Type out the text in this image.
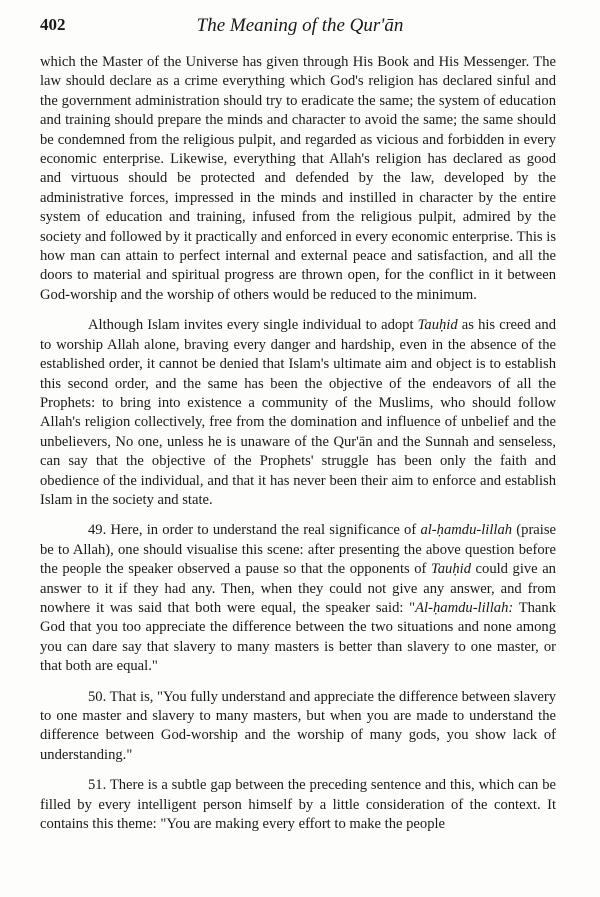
402	The Meaning of the Qur'ān

which the Master of the Universe has given through His Book and His Messenger. The law should declare as a crime everything which God's religion has declared sinful and the government administration should try to eradicate the same; the system of education and training should prepare the minds and character to avoid the same; the same should be condemned from the religious pulpit, and regarded as vicious and forbidden in every economic enterprise. Likewise, everything that Allah's religion has declared as good and virtuous should be protected and defended by the law, developed by the administrative forces, impressed in the minds and instilled in character by the entire system of education and training, infused from the religious pulpit, admired by the society and followed by it practically and enforced in every economic enterprise. This is how man can attain to perfect internal and external peace and satisfaction, and all the doors to material and spiritual progress are thrown open, for the conflict in it between God-worship and the worship of others would be reduced to the minimum.

Although Islam invites every single individual to adopt Tauḥid as his creed and to worship Allah alone, braving every danger and hardship, even in the absence of the established order, it cannot be denied that Islam's ultimate aim and object is to establish this second order, and the same has been the objective of the endeavors of all the Prophets: to bring into existence a community of the Muslims, who should follow Allah's religion collectively, free from the domination and influence of unbelief and the unbelievers, No one, unless he is unaware of the Qur'ān and the Sunnah and senseless, can say that the objective of the Prophets' struggle has been only the faith and obedience of the individual, and that it has never been their aim to enforce and establish Islam in the society and state.

49. Here, in order to understand the real significance of al-ḥamdu-lillah (praise be to Allah), one should visualise this scene: after presenting the above question before the people the speaker observed a pause so that the opponents of Tauḥid could give an answer to it if they had any. Then, when they could not give any answer, and from nowhere it was said that both were equal, the speaker said: "Al-ḥamdu-lillah: Thank God that you too appreciate the difference between the two situations and none among you can dare say that slavery to many masters is better than slavery to one master, or that both are equal."

50. That is, "You fully understand and appreciate the difference between slavery to one master and slavery to many masters, but when you are made to understand the difference between God-worship and the worship of many gods, you show lack of understanding."

51. There is a subtle gap between the preceding sentence and this, which can be filled by every intelligent person himself by a little consideration of the context. It contains this theme: "You are making every effort to make the people
